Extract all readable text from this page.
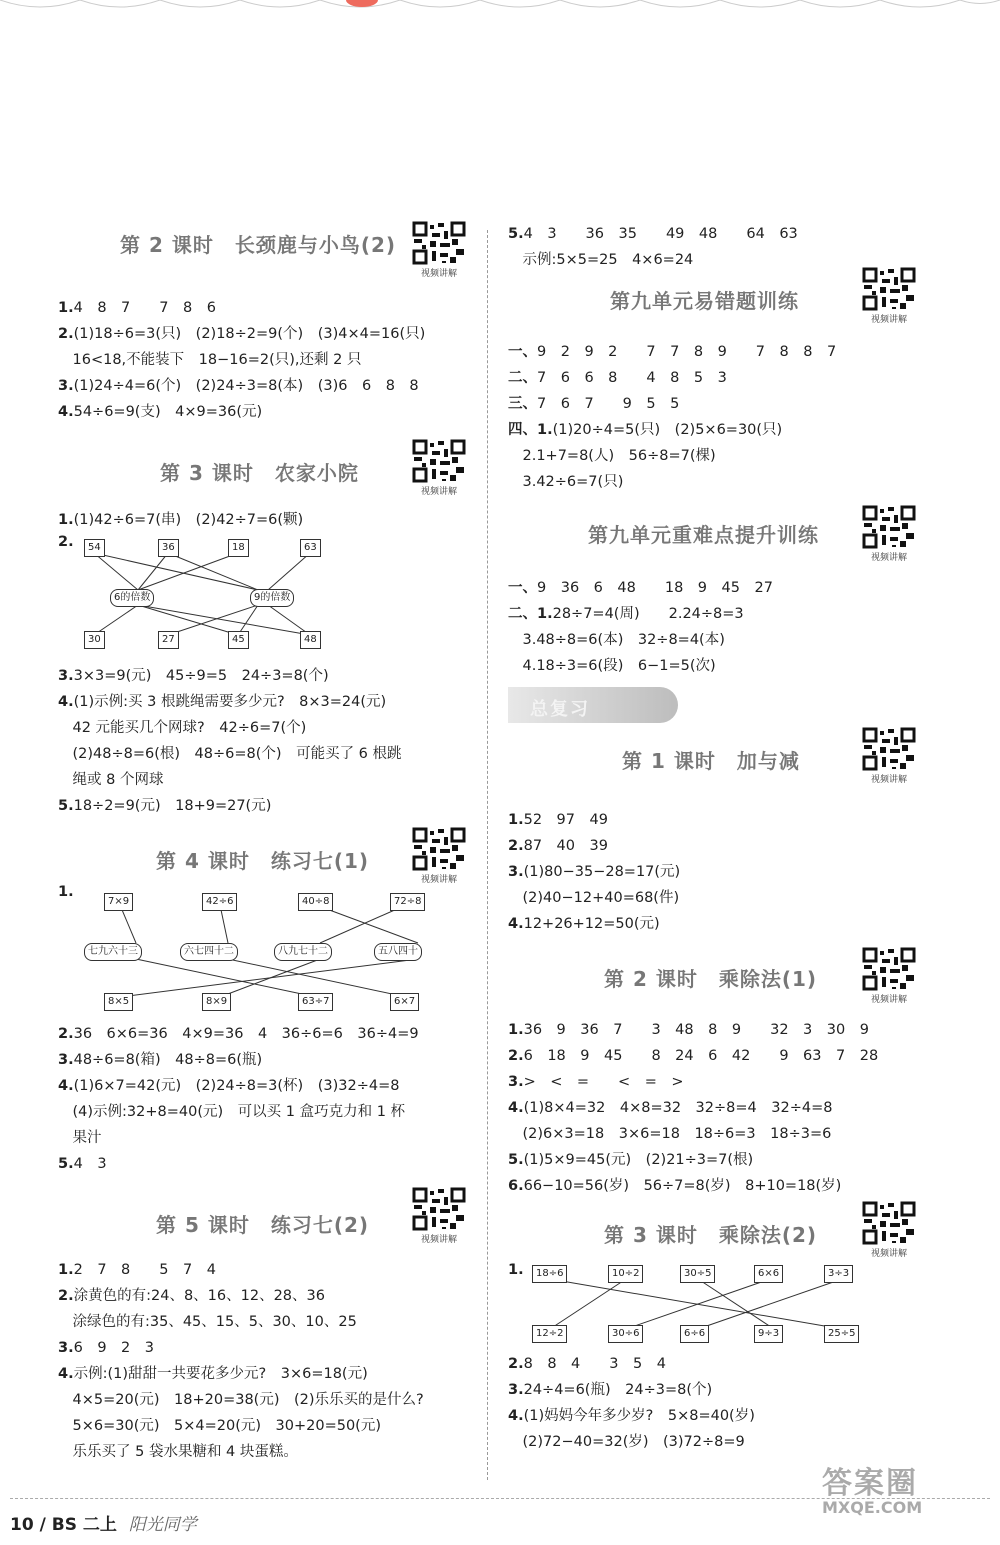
第 2 课时　长颈鹿与小鸟(2)
视频讲解
1.4　8　7　　7　8　6
2.(1)18÷6=3(只)　(2)18÷2=9(个)　(3)4×4=16(只)
　16<18,不能装下　18−16=2(只),还剩 2 只
3.(1)24÷4=6(个)　(2)24÷3=8(本)　(3)6　6　8　8
4.54÷6=9(支)　4×9=36(元)
第 3 课时　农家小院
视频讲解
1.(1)42÷6=7(串)　(2)42÷7=6(颗)
2.	54	36	18	63
6的倍数	9的倍数
30	27	45	48
3.3×3=9(元)　45÷9=5　24÷3=8(个)
4.(1)示例:买 3 根跳绳需要多少元?　8×3=24(元)
　42 元能买几个网球?　42÷6=7(个)
　(2)48÷8=6(根)　48÷6=8(个)　可能买了 6 根跳
　绳或 8 个网球
5.18÷2=9(元)　18+9=27(元)
第 4 课时　练习七(1)
视频讲解
1.
7×9	42÷6	40÷8	72÷8
七九六十三	六七四十二	八九七十二	五八四十
8×5	8×9	63÷7	6×7
2.36　6×6=36　4×9=36　4　36÷6=6　36÷4=9
3.48÷6=8(箱)　48÷8=6(瓶)
4.(1)6×7=42(元)　(2)24÷8=3(杯)　(3)32÷4=8
　(4)示例:32+8=40(元)　可以买 1 盒巧克力和 1 杯
　果汁
5.4　3
第 5 课时　练习七(2)
视频讲解
1.2　7　8　　5　7　4
2.涂黄色的有:24、8、16、12、28、36
　涂绿色的有:35、45、15、5、30、10、25
3.6　9　2　3
4.示例:(1)甜甜一共要花多少元?　3×6=18(元)
　4×5=20(元)　18+20=38(元)　(2)乐乐买的是什么?
　5×6=30(元)　5×4=20(元)　30+20=50(元)
　乐乐买了 5 袋水果糖和 4 块蛋糕。
5.4　3　　36　35　　49　48　　64　63
　示例:5×5=25　4×6=24
第九单元易错题训练
视频讲解
一、9　2　9　2　　7　7　8　9　　7　8　8　7
二、7　6　6　8　　4　8　5　3
三、7　6　7　　9　5　5
四、1.(1)20÷4=5(只)　(2)5×6=30(只)
　2.1+7=8(人)　56÷8=7(棵)
　3.42÷6=7(只)
第九单元重难点提升训练
视频讲解
一、9　36　6　48　　18　9　45　27
二、1.28÷7=4(周)　　2.24÷8=3
　3.48÷8=6(本)　32÷8=4(本)
　4.18÷3=6(段)　6−1=5(次)
总复习
第 1 课时　加与减
视频讲解
1.52　97　49
2.87　40　39
3.(1)80−35−28=17(元)
　(2)40−12+40=68(件)
4.12+26+12=50(元)
第 2 课时　乘除法(1)
视频讲解
1.36　9　36　7　　3　48　8　9　　32　3　30　9
2.6　18　9　45　　8　24　6　42　　9　63　7　28
3.>　<　=　　<　=　>
4.(1)8×4=32　4×8=32　32÷8=4　32÷4=8
　(2)6×3=18　3×6=18　18÷6=3　18÷3=6
5.(1)5×9=45(元)　(2)21÷3=7(根)
6.66−10=56(岁)　56÷7=8(岁)　8+10=18(岁)
第 3 课时　乘除法(2)
视频讲解
1.	18÷6	10÷2	30÷5	6×6	3÷3
12÷2	30÷6	6÷6	9÷3	25÷5
2.8　8　4　　3　5　4
3.24÷4=6(瓶)　24÷3=8(个)
4.(1)妈妈今年多少岁?　5×8=40(岁)
　(2)72−40=32(岁)　(3)72÷8=9
10 / BS 二上 阳光同学
答案圈
MXQE.COM
